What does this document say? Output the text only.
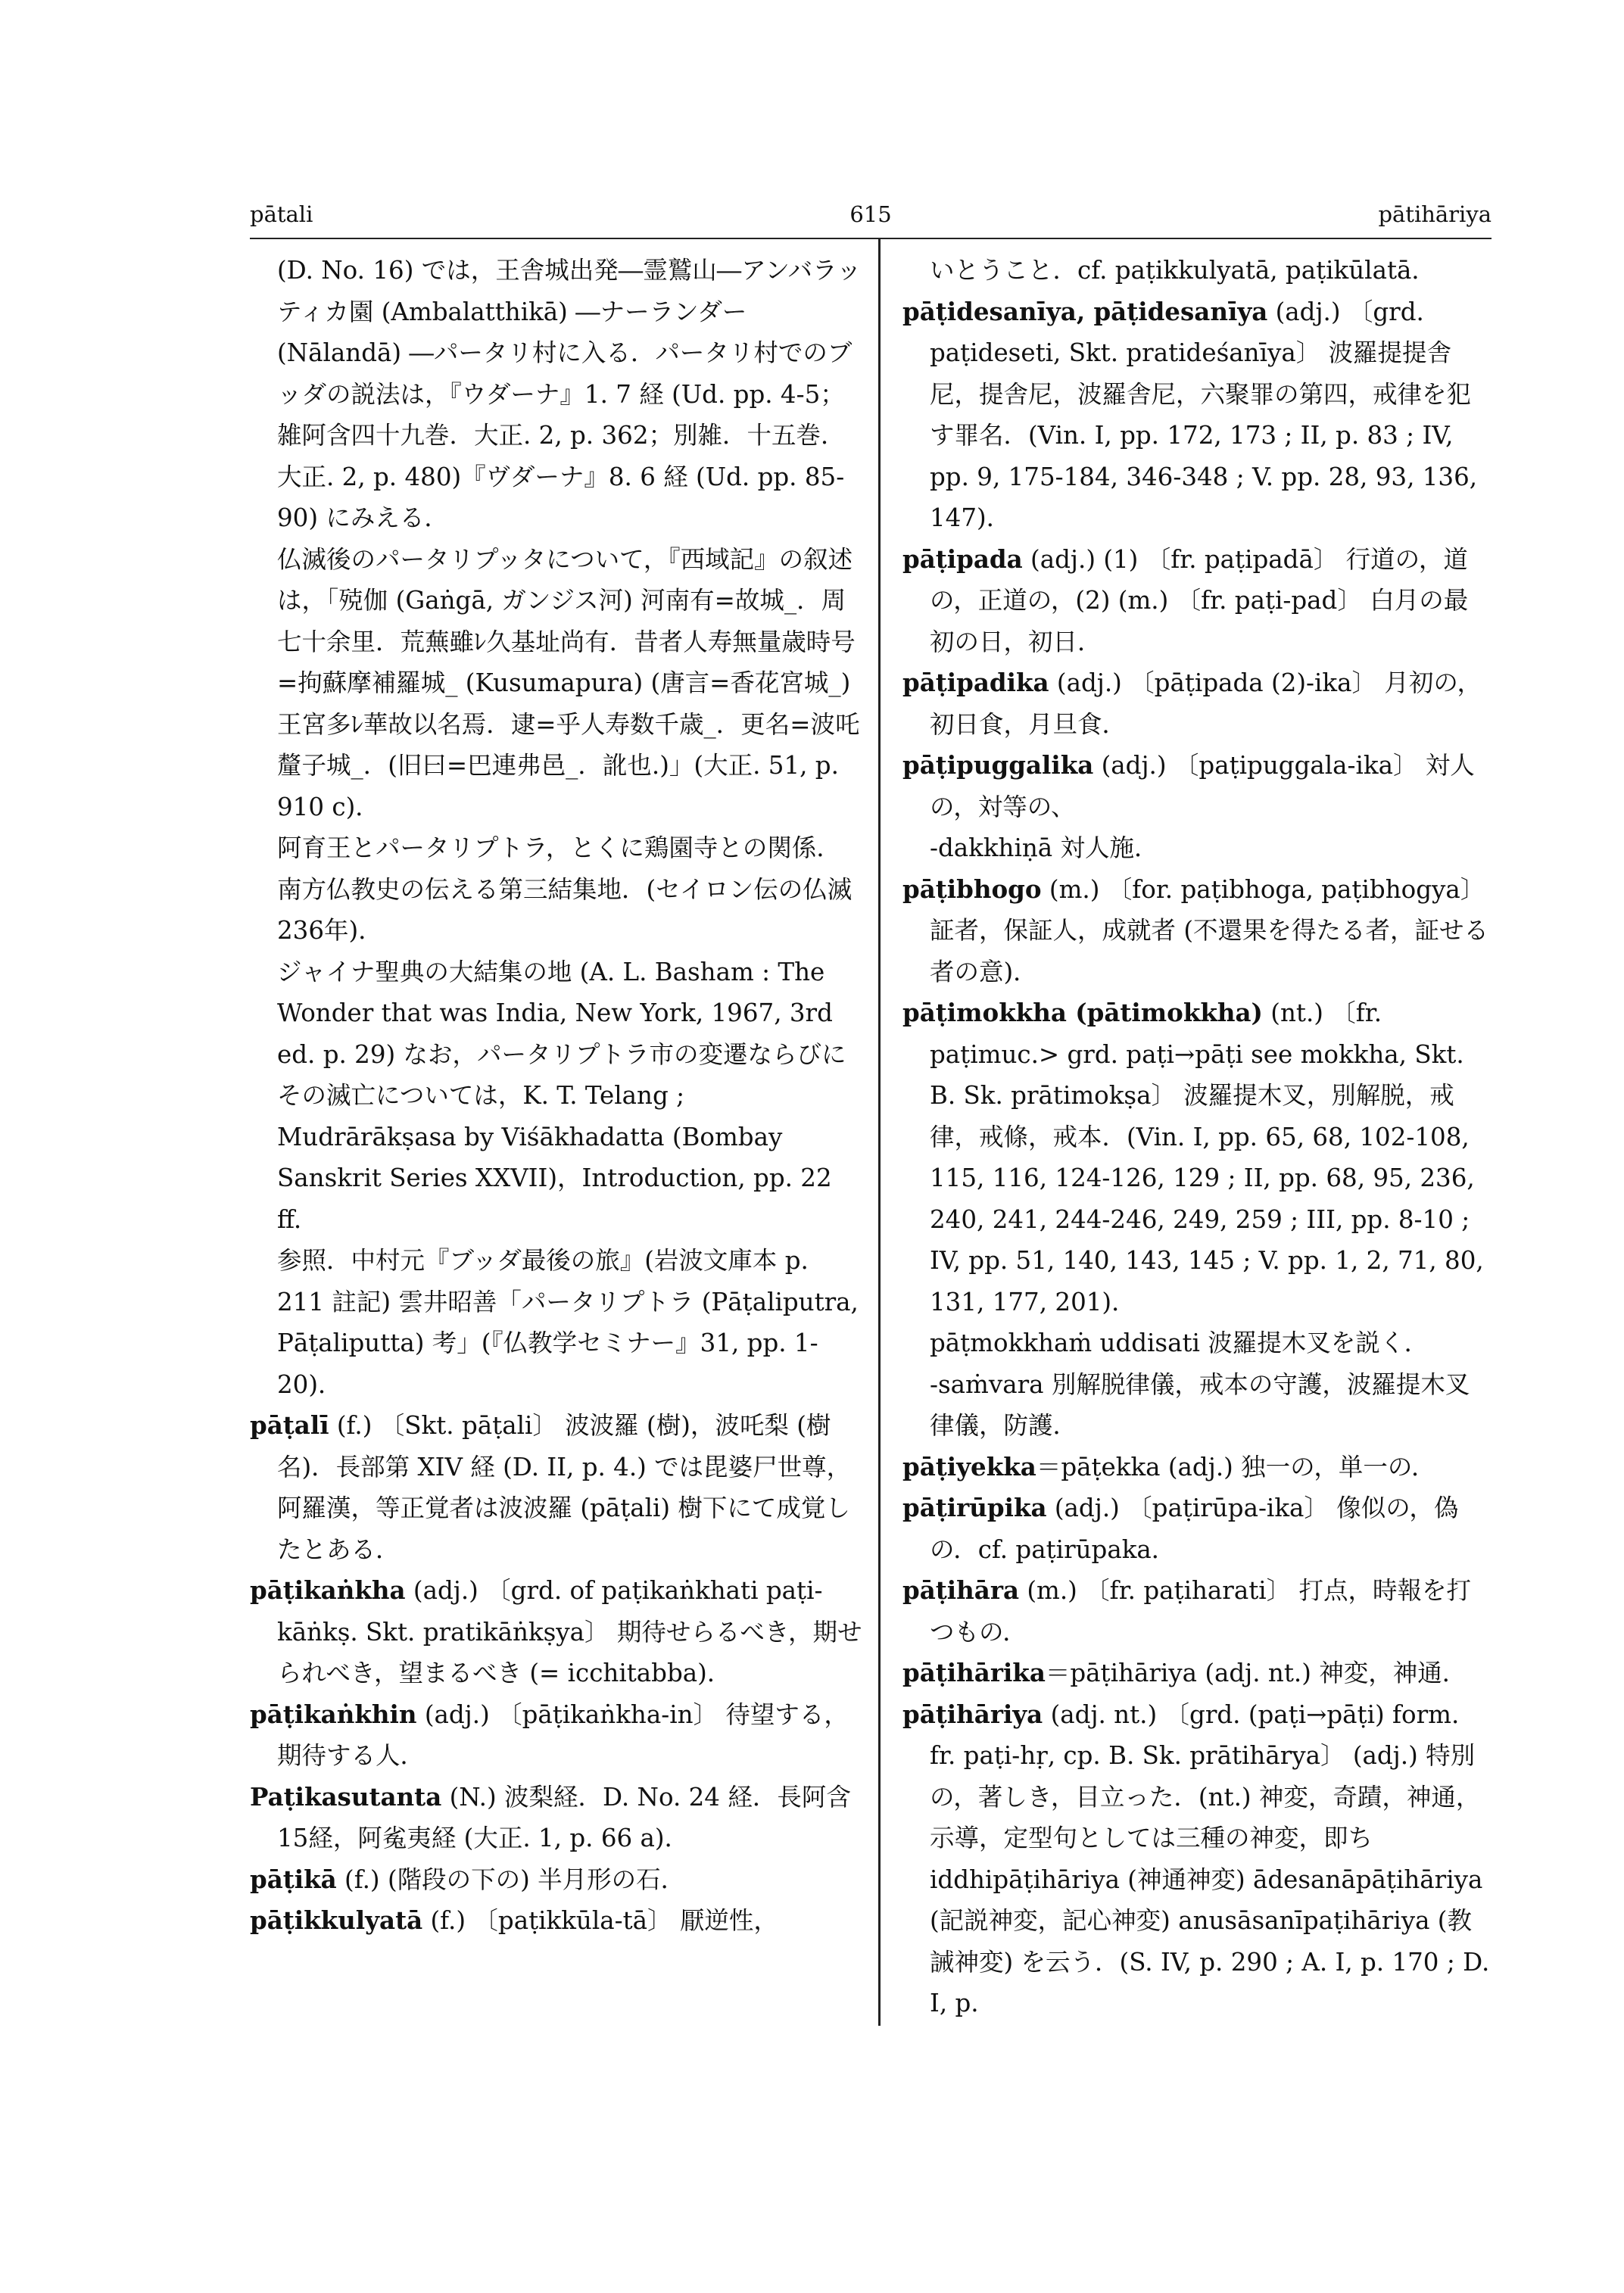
pātali	615	pātihāriya

(D. No. 16) では，王舎城出発―霊鷲山―アンバラッティカ園 (Ambalatthikā) ―ナーランダー (Nālandā) ―パータリ村に入る．パータリ村でのブッダの説法は，『ウダーナ』1. 7 経 (Ud. pp. 4-5；雑阿含四十九巻．大正. 2, p. 362；別雑．十五巻．大正. 2, p. 480)『ヴダーナ』8. 6 経 (Ud. pp. 85-90) にみえる．

仏滅後のパータリプッタについて，『西域記』の叙述は，「殑伽 (Gaṅgā, ガンジス河) 河南有=故城_．周七十余里．荒蕪雖ﾚ久基址尚有．昔者人寿無量歳時号=拘蘇摩補羅城_ (Kusumapura) (唐言=香花宮城_) 王宮多ﾚ華故以名焉．逮=乎人寿数千歳_．更名=波吒釐子城_．(旧曰=巴連弗邑_．訛也.)」(大正. 51, p. 910 c)．

阿育王とパータリプトラ，とくに鶏園寺との関係．

南方仏教史の伝える第三結集地．(セイロン伝の仏滅 236年)．

ジャイナ聖典の大結集の地 (A. L. Basham : The Wonder that was India, New York, 1967, 3rd ed. p. 29) なお，パータリプトラ市の変遷ならびにその滅亡については，K. T. Telang ; Mudrārākṣasa by Viśākhadatta (Bombay Sanskrit Series XXVII)，Introduction, pp. 22 ff.

参照．中村元『ブッダ最後の旅』(岩波文庫本 p. 211 註記) 雲井昭善「パータリプトラ (Pāṭaliputra, Pāṭaliputta) 考」(『仏教学セミナー』31, pp. 1-20)．

pāṭalī (f.) 〔Skt. pāṭali〕 波波羅 (樹)，波吒梨 (樹名)．長部第 XIV 経 (D. II, p. 4.) では毘婆尸世尊，阿羅漢，等正覚者は波波羅 (pāṭali) 樹下にて成覚したとある．

pāṭikaṅkha (adj.) 〔grd. of paṭikaṅkhati paṭi-kāṅkṣ. Skt. pratikāṅkṣya〕 期待せらるべき，期せられべき，望まるべき (= icchitabba)．

pāṭikaṅkhin (adj.) 〔pāṭikaṅkha-in〕 待望する，期待する人．

Paṭikasutanta (N.) 波梨経．D. No. 24 経．長阿含15経，阿㝹夷経 (大正. 1, p. 66 a)．

pāṭikā (f.) (階段の下の) 半月形の石．

pāṭikkulyatā (f.) 〔paṭikkūla-tā〕 厭逆性，

いとうこと．cf. paṭikkulyatā, paṭikūlatā．

pāṭidesanīya, pāṭidesanīya (adj.) 〔grd. paṭideseti, Skt. pratideśanīya〕 波羅提提舎尼，提舎尼，波羅舎尼，六聚罪の第四，戒律を犯す罪名．(Vin. I, pp. 172, 173 ; II, p. 83 ; IV, pp. 9, 175-184, 346-348 ; V. pp. 28, 93, 136, 147)．

pāṭipada (adj.) (1) 〔fr. paṭipadā〕 行道の，道の，正道の，(2) (m.) 〔fr. paṭi-pad〕 白月の最初の日，初日．

pāṭipadika (adj.) 〔pāṭipada (2)-ika〕 月初の，初日食，月旦食．

pāṭipuggalika (adj.) 〔paṭipuggala-ika〕 対人の，対等の、

-dakkhiṇā 対人施．

pāṭibhogo (m.) 〔for. paṭibhoga, paṭibhogya〕 証者，保証人，成就者 (不還果を得たる者，証せる者の意)．

pāṭimokkha (pātimokkha) (nt.) 〔fr. paṭimuc.> grd. paṭi→pāṭi see mokkha, Skt. B. Sk. prātimokṣa〕 波羅提木叉，別解脱，戒律，戒條，戒本．(Vin. I, pp. 65, 68, 102-108, 115, 116, 124-126, 129 ; II, pp. 68, 95, 236, 240, 241, 244-246, 249, 259 ; III, pp. 8-10 ; IV, pp. 51, 140, 143, 145 ; V. pp. 1, 2, 71, 80, 131, 177, 201)．

pāṭmokkhaṁ uddisati 波羅提木叉を説く．

-saṁvara 別解脱律儀，戒本の守護，波羅提木叉律儀，防護．

pāṭiyekka＝pāṭekka (adj.) 独一の，単一の．

pāṭirūpika (adj.) 〔paṭirūpa-ika〕 像似の，偽の．cf. paṭirūpaka．

pāṭihāra (m.) 〔fr. paṭiharati〕 打点，時報を打つもの．

pāṭihārika＝pāṭihāriya (adj. nt.) 神変，神通．

pāṭihāriya (adj. nt.) 〔grd. (paṭi→pāṭi) form. fr. paṭi-hṛ, cp. B. Sk. prātihārya〕 (adj.) 特別の，著しき，目立った．(nt.) 神変，奇蹟，神通，示導，定型句としては三種の神変，即ち iddhipāṭihāriya (神通神変) ādesanāpāṭihāriya (記説神変，記心神変) anusāsanīpaṭihāriya (教誡神変) を云う．(S. IV, p. 290 ; A. I, p. 170 ; D. I, p.
